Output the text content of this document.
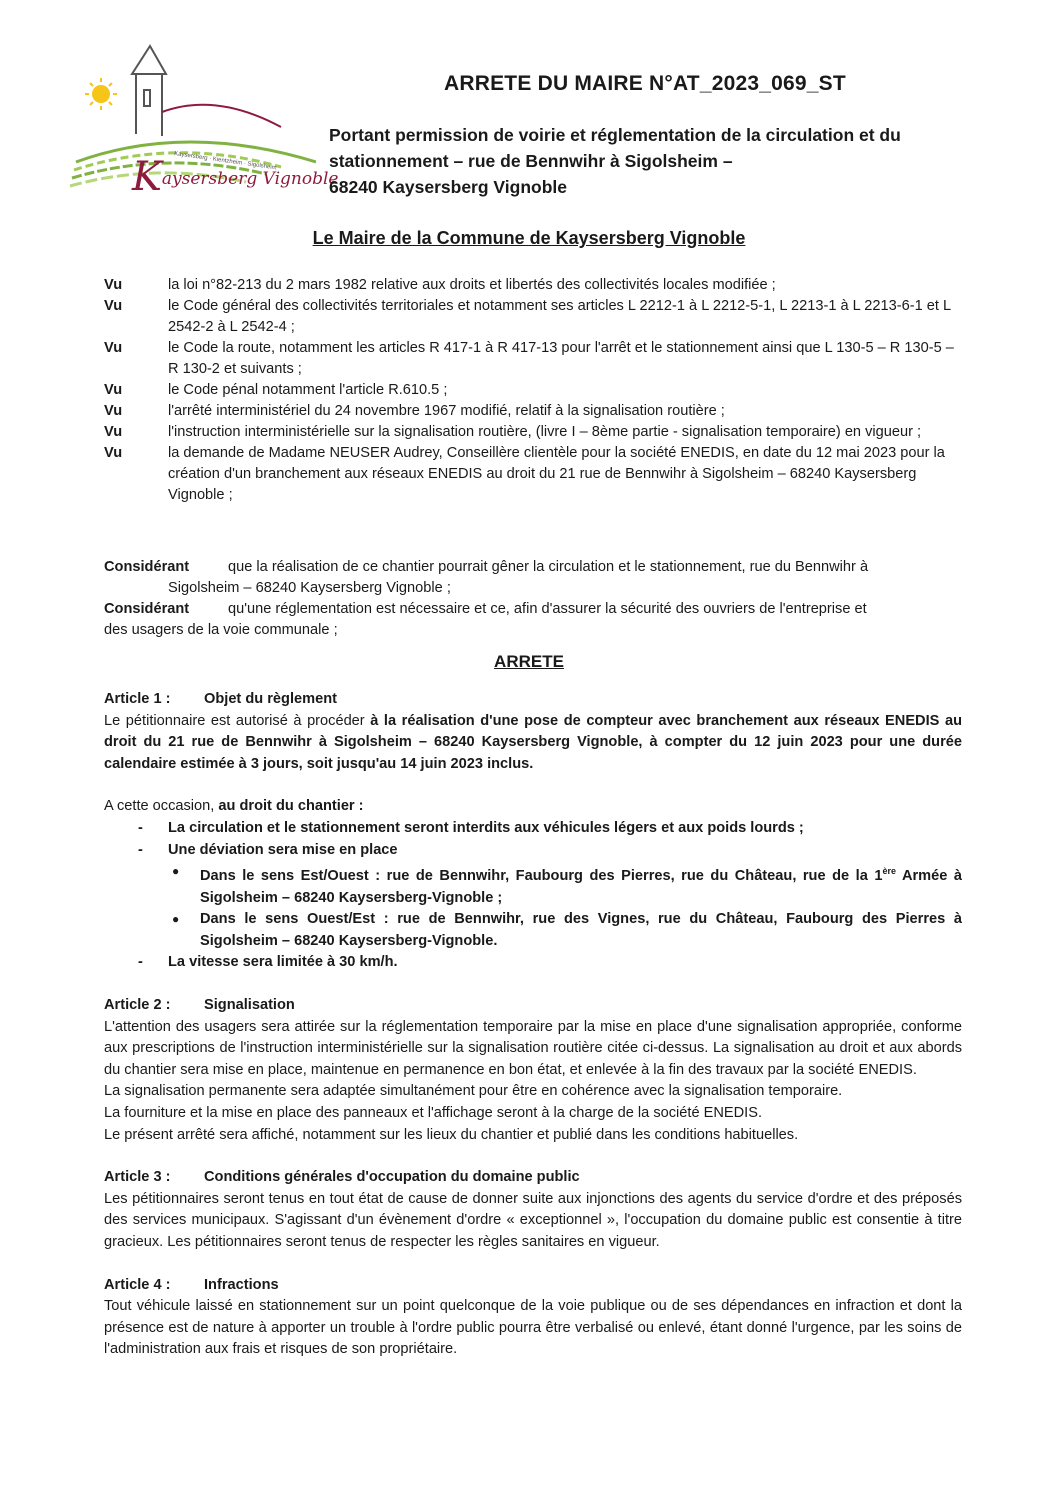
Kaysersberg · Kientzheim · Sigolsheim
Kaysersberg Vignoble
ARRETE DU MAIRE N°AT_2023_069_ST
Portant permission de voirie et réglementation de la circulation et du
stationnement – rue de Bennwihr à Sigolsheim –
68240 Kaysersberg Vignoble
Le Maire de la Commune de Kaysersberg Vignoble
Vu	la loi n°82-213 du 2 mars 1982 relative aux droits et libertés des collectivités locales modifiée ;
Vu	le Code général des collectivités territoriales et notamment ses articles L 2212-1 à L 2212-5-1, L 2213-1 à L 2213-6-1 et L 2542-2 à L 2542-4 ;
Vu	le Code la route, notamment les articles R 417-1 à R 417-13 pour l'arrêt et le stationnement ainsi que L 130-5 – R 130-5 – R 130-2 et suivants ;
Vu	le Code pénal notamment l'article R.610.5 ;
Vu	l'arrêté interministériel du 24 novembre 1967 modifié, relatif à la signalisation routière ;
Vu	l'instruction interministérielle sur la signalisation routière, (livre I – 8ème partie - signalisation temporaire) en vigueur ;
Vu	la demande de Madame NEUSER Audrey, Conseillère clientèle pour la société ENEDIS, en date du 12 mai 2023 pour la création d'un branchement aux réseaux ENEDIS au droit du 21 rue de Bennwihr à Sigolsheim – 68240 Kaysersberg Vignoble ;
Considérant	que la réalisation de ce chantier pourrait gêner la circulation et le stationnement, rue du Bennwihr à
Sigolsheim – 68240 Kaysersberg Vignoble ;
Considérant	qu'une réglementation est nécessaire et ce, afin d'assurer la sécurité des ouvriers de l'entreprise et
des usagers de la voie communale ;
ARRETE
Article 1 : Objet du règlement
Le pétitionnaire est autorisé à procéder à la réalisation d'une pose de compteur avec branchement aux réseaux ENEDIS au droit du 21 rue de Bennwihr à Sigolsheim – 68240 Kaysersberg Vignoble, à compter du 12 juin 2023 pour une durée calendaire estimée à 3 jours, soit jusqu'au 14 juin 2023 inclus.
A cette occasion, au droit du chantier :
-	La circulation et le stationnement seront interdits aux véhicules légers et aux poids lourds ;
-	Une déviation sera mise en place
●	Dans le sens Est/Ouest : rue de Bennwihr, Faubourg des Pierres, rue du Château, rue de la 1ère Armée à Sigolsheim – 68240 Kaysersberg-Vignoble ;
●	Dans le sens Ouest/Est : rue de Bennwihr, rue des Vignes, rue du Château, Faubourg des Pierres à Sigolsheim – 68240 Kaysersberg-Vignoble.
-	La vitesse sera limitée à 30 km/h.
Article 2 : Signalisation
L'attention des usagers sera attirée sur la réglementation temporaire par la mise en place d'une signalisation appropriée, conforme aux prescriptions de l'instruction interministérielle sur la signalisation routière citée ci-dessus. La signalisation au droit et aux abords du chantier sera mise en place, maintenue en permanence en bon état, et enlevée à la fin des travaux par la société ENEDIS.
La signalisation permanente sera adaptée simultanément pour être en cohérence avec la signalisation temporaire.
La fourniture et la mise en place des panneaux et l'affichage seront à la charge de la société ENEDIS.
Le présent arrêté sera affiché, notamment sur les lieux du chantier et publié dans les conditions habituelles.
Article 3 : Conditions générales d'occupation du domaine public
Les pétitionnaires seront tenus en tout état de cause de donner suite aux injonctions des agents du service d'ordre et des préposés des services municipaux. S'agissant d'un évènement d'ordre « exceptionnel », l'occupation du domaine public est consentie à titre gracieux. Les pétitionnaires seront tenus de respecter les règles sanitaires en vigueur.
Article 4 : Infractions
Tout véhicule laissé en stationnement sur un point quelconque de la voie publique ou de ses dépendances en infraction et dont la présence est de nature à apporter un trouble à l'ordre public pourra être verbalisé ou enlevé, étant donné l'urgence, par les soins de l'administration aux frais et risques de son propriétaire.
